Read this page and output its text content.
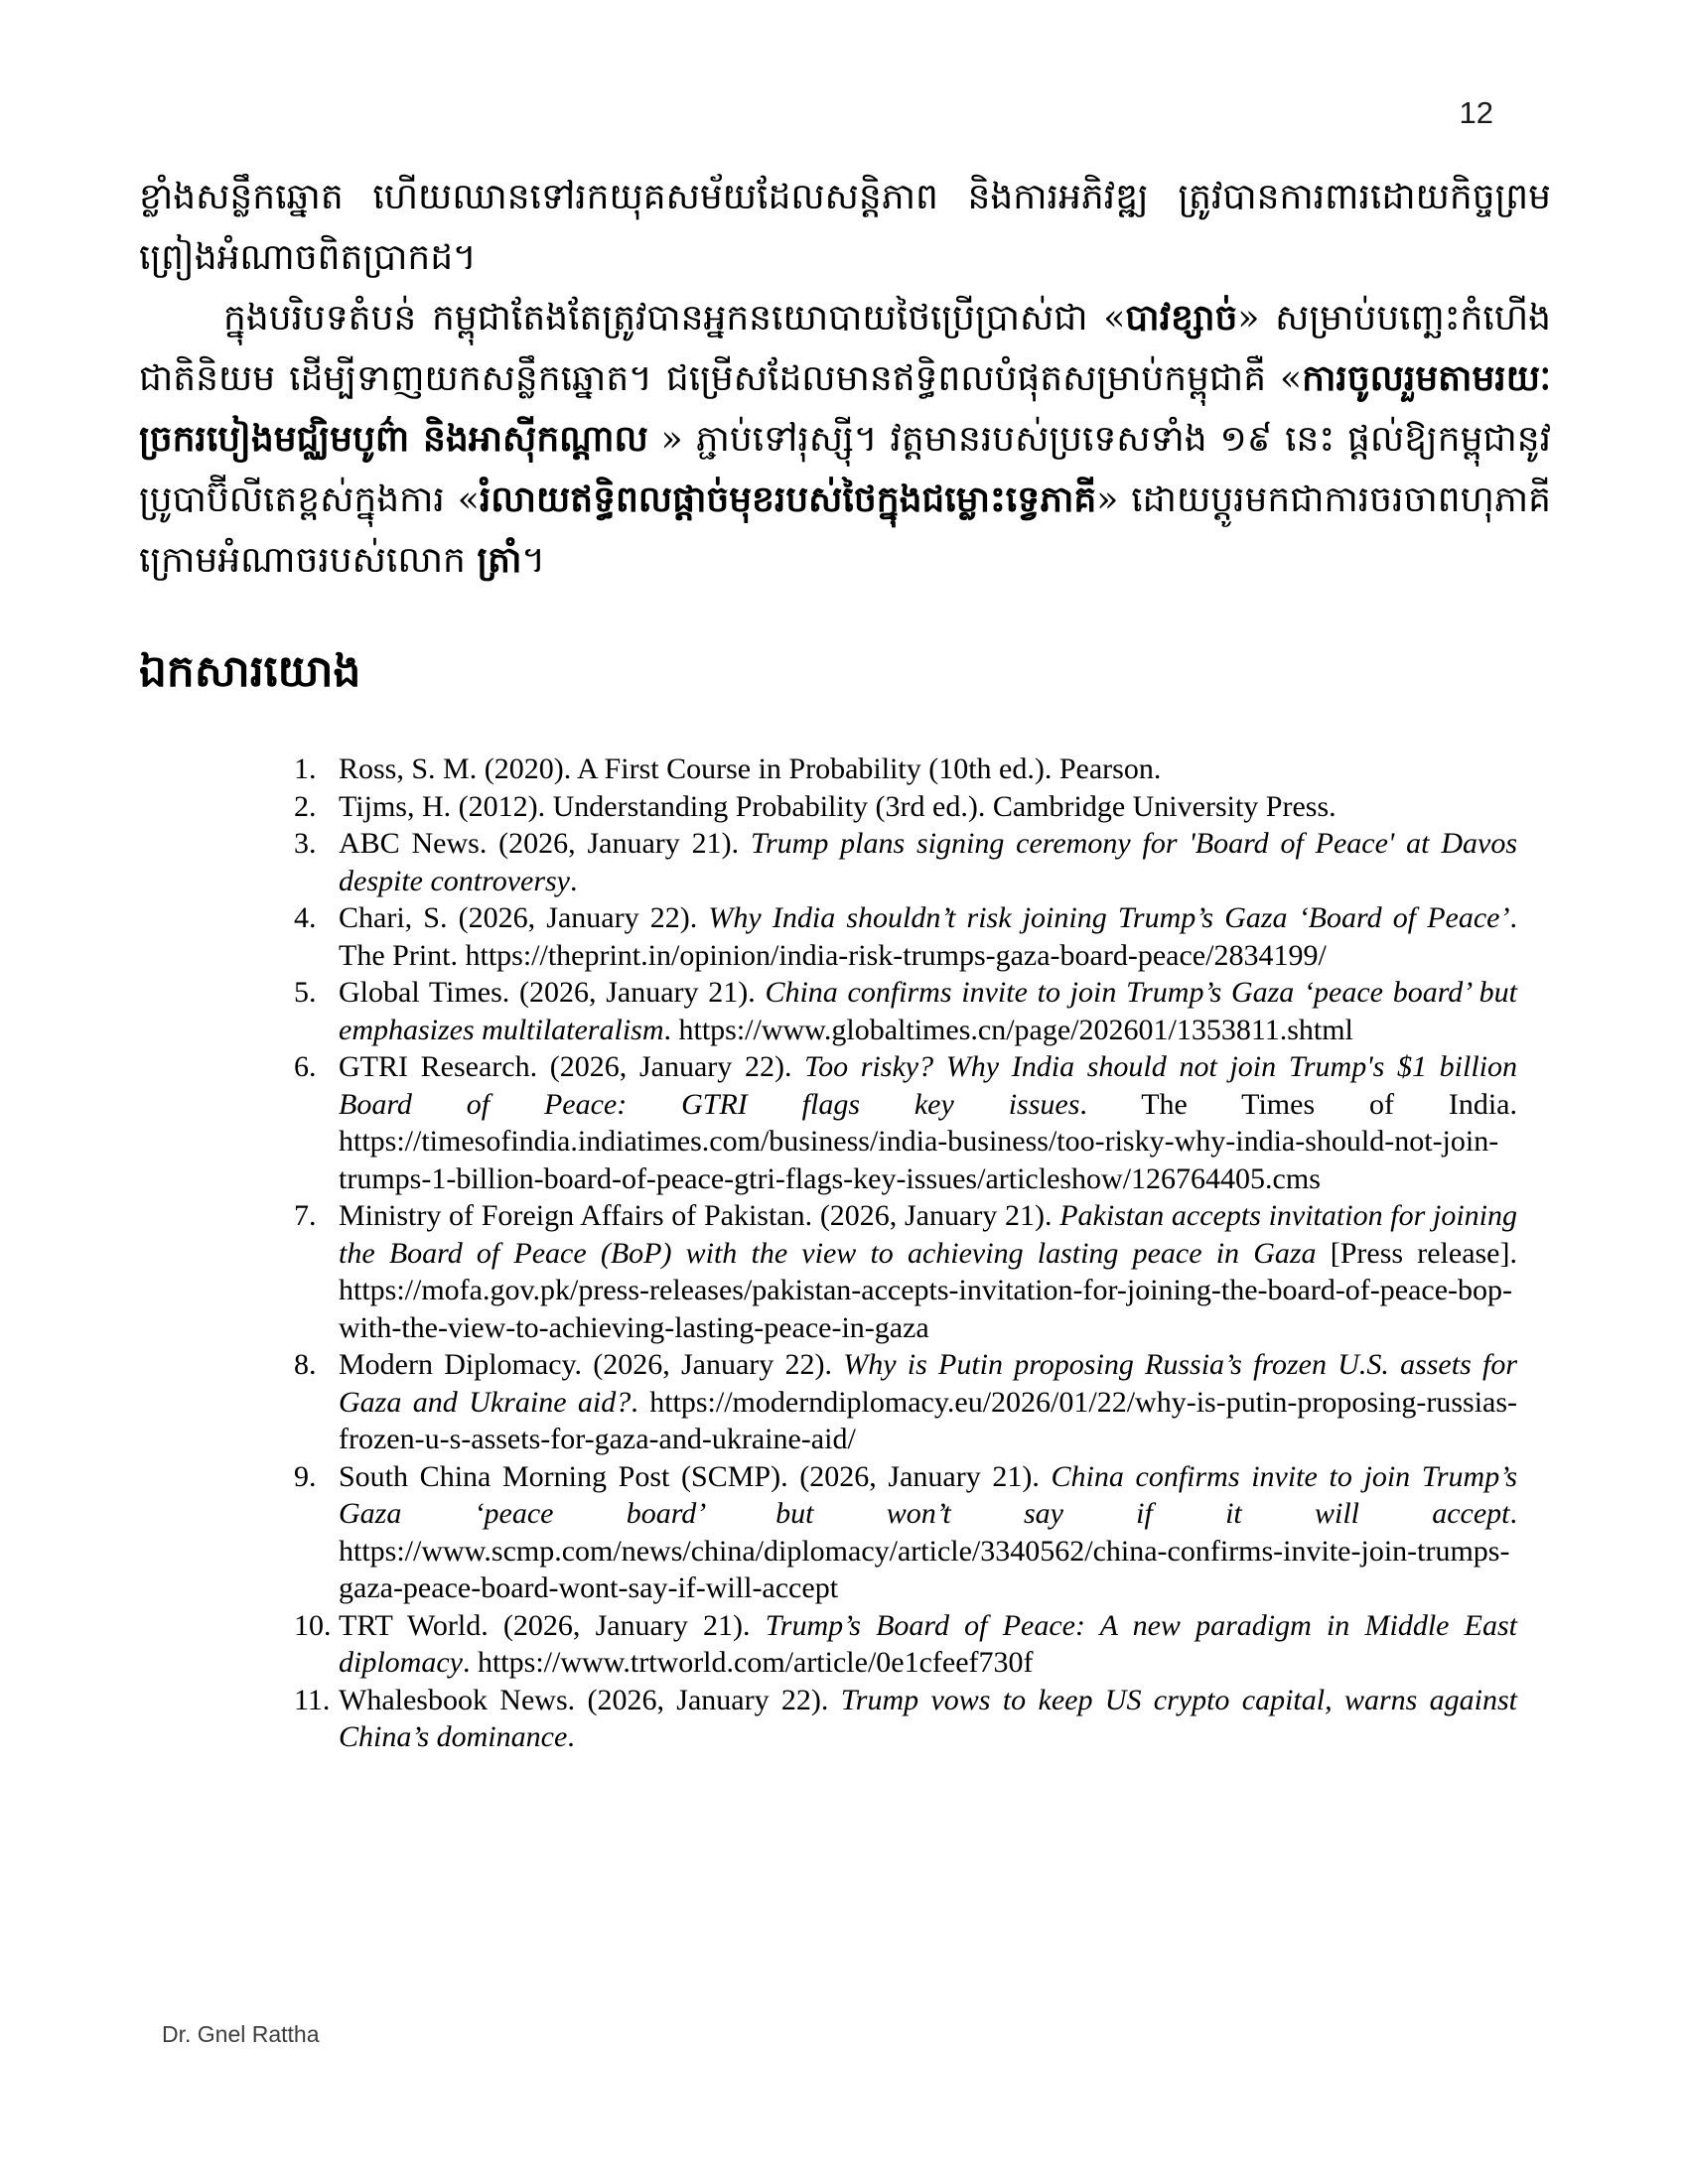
12

ខ្លាំងសន្លឹកឆ្នោត ហើយឈានទៅរកយុគសម័យដែលសន្តិភាព និងការអភិវឌ្ឍ ត្រូវបានការពារដោយកិច្ចព្រមព្រៀងអំណាចពិតប្រាកដ។

ក្នុងបរិបទតំបន់ កម្ពុជាតែងតែត្រូវបានអ្នកនយោបាយថៃប្រើប្រាស់ជា «បាវខ្សាច់» សម្រាប់បញ្ឆេះកំហើងជាតិនិយម ដើម្បីទាញយកសន្លឹកឆ្នោត។ ជម្រើសដែលមានឥទ្ធិពលបំផុតសម្រាប់កម្ពុជាគឺ «ការចូលរួមតាមរយៈច្រករបៀងមជ្ឈិមបូព៌ា និងអាស៊ីកណ្តាល » ភ្ជាប់ទៅរុស្ស៊ី។ វត្តមានរបស់ប្រទេសទាំង ១៩ នេះ ផ្តល់ឱ្យកម្ពុជានូវប្រូបាប៊ីលីតេខ្ពស់ក្នុងការ «រំលាយឥទ្ធិពលផ្តាច់មុខរបស់ថៃក្នុងជម្លោះទ្វេភាគី» ដោយប្តូរមកជាការចរចាពហុភាគីក្រោមអំណាចរបស់លោក ត្រាំ។

ឯកសារយោង
1. Ross, S. M. (2020). A First Course in Probability (10th ed.). Pearson.
2. Tijms, H. (2012). Understanding Probability (3rd ed.). Cambridge University Press.
3. ABC News. (2026, January 21). Trump plans signing ceremony for 'Board of Peace' at Davos despite controversy.
4. Chari, S. (2026, January 22). Why India shouldn’t risk joining Trump’s Gaza ‘Board of Peace’. The Print. https://theprint.in/opinion/india-risk-trumps-gaza-board-peace/2834199/
5. Global Times. (2026, January 21). China confirms invite to join Trump’s Gaza ‘peace board’ but emphasizes multilateralism. https://www.globaltimes.cn/page/202601/1353811.shtml
6. GTRI Research. (2026, January 22). Too risky? Why India should not join Trump's $1 billion Board of Peace: GTRI flags key issues. The Times of India. https://timesofindia.indiatimes.com/business/india-business/too-risky-why-india-should-not-join-trumps-1-billion-board-of-peace-gtri-flags-key-issues/articleshow/126764405.cms
7. Ministry of Foreign Affairs of Pakistan. (2026, January 21). Pakistan accepts invitation for joining the Board of Peace (BoP) with the view to achieving lasting peace in Gaza [Press release]. https://mofa.gov.pk/press-releases/pakistan-accepts-invitation-for-joining-the-board-of-peace-bop-with-the-view-to-achieving-lasting-peace-in-gaza
8. Modern Diplomacy. (2026, January 22). Why is Putin proposing Russia’s frozen U.S. assets for Gaza and Ukraine aid?. https://moderndiplomacy.eu/2026/01/22/why-is-putin-proposing-russias-frozen-u-s-assets-for-gaza-and-ukraine-aid/
9. South China Morning Post (SCMP). (2026, January 21). China confirms invite to join Trump’s Gaza ‘peace board’ but won’t say if it will accept. https://www.scmp.com/news/china/diplomacy/article/3340562/china-confirms-invite-join-trumps-gaza-peace-board-wont-say-if-will-accept
10. TRT World. (2026, January 21). Trump’s Board of Peace: A new paradigm in Middle East diplomacy. https://www.trtworld.com/article/0e1cfeef730f
11. Whalesbook News. (2026, January 22). Trump vows to keep US crypto capital, warns against China’s dominance.
Dr. Gnel Rattha
